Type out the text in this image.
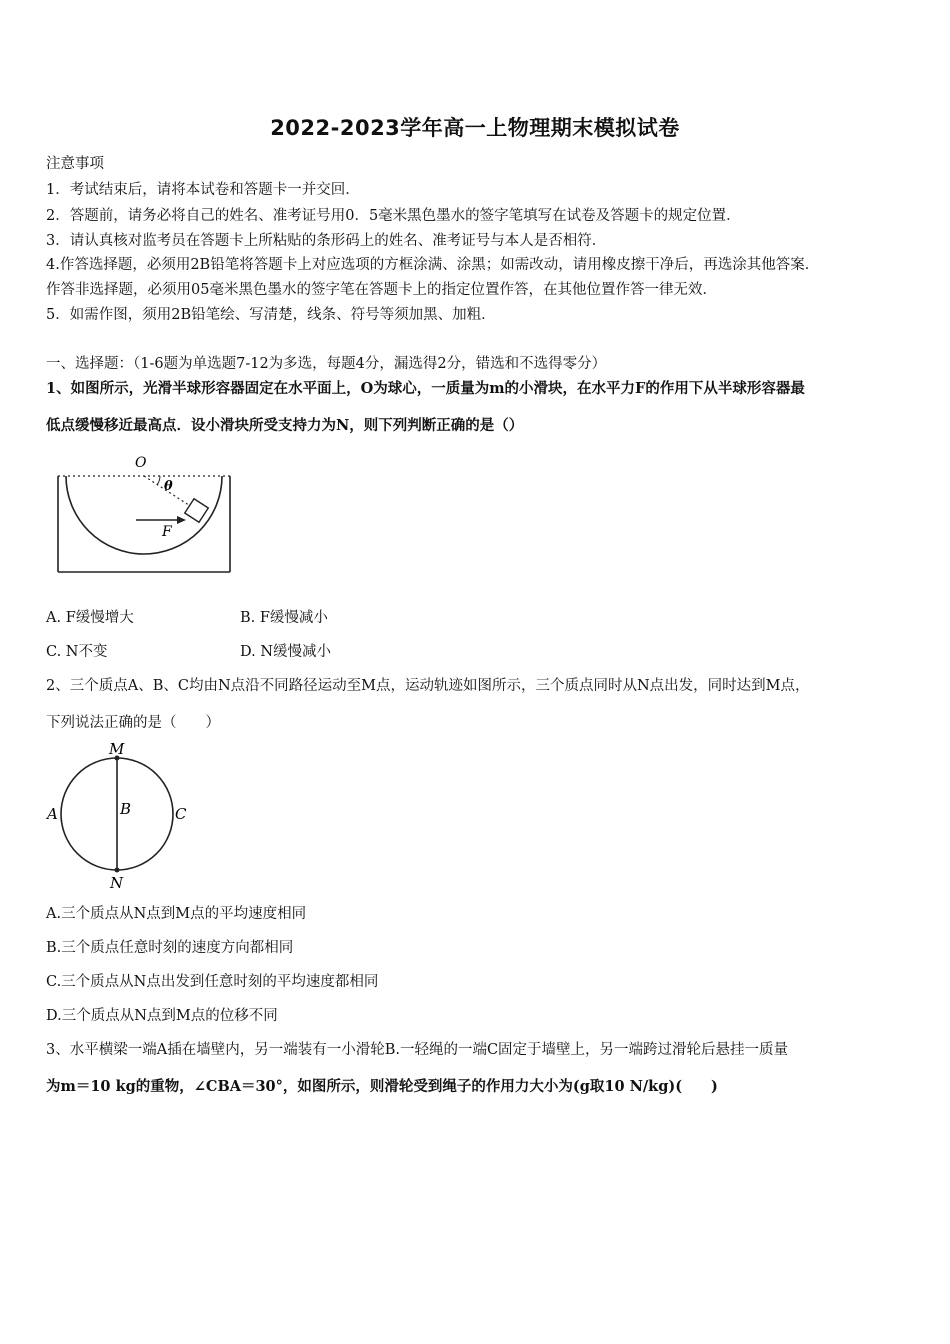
2022-2023学年高一上物理期末模拟试卷
注意事项
1．考试结束后，请将本试卷和答题卡一并交回．
2．答题前，请务必将自己的姓名、准考证号用0．5毫米黑色墨水的签字笔填写在试卷及答题卡的规定位置．
3．请认真核对监考员在答题卡上所粘贴的条形码上的姓名、准考证号与本人是否相符．
4.作答选择题，必须用2B铅笔将答题卡上对应选项的方框涂满、涂黑；如需改动，请用橡皮擦干净后，再选涂其他答案．
作答非选择题，必须用05毫米黑色墨水的签字笔在答题卡上的指定位置作答，在其他位置作答一律无效．
5．如需作图，须用2B铅笔绘、写清楚，线条、符号等须加黑、加粗．
一、选择题：（1-6题为单选题7-12为多选，每题4分，漏选得2分，错选和不选得零分）
1、如图所示，光滑半球形容器固定在水平面上，O为球心，一质量为m的小滑块，在水平力F的作用下从半球形容器最
低点缓慢移近最高点．设小滑块所受支持力为N，则下列判断正确的是（）
O
θ
F
A. F缓慢增大	B. F缓慢减小
C. N不变	D. N缓慢减小
2、三个质点A、B、C均由N点沿不同路径运动至M点，运动轨迹如图所示，三个质点同时从N点出发，同时达到M点，
下列说法正确的是（　　）
M
N
A	B	C
A.三个质点从N点到M点的平均速度相同
B.三个质点任意时刻的速度方向都相同
C.三个质点从N点出发到任意时刻的平均速度都相同
D.三个质点从N点到M点的位移不同
3、水平横梁一端A插在墙壁内，另一端装有一小滑轮B.一轻绳的一端C固定于墙壁上，另一端跨过滑轮后悬挂一质量
为m＝10 kg的重物，∠CBA＝30°，如图所示，则滑轮受到绳子的作用力大小为(g取10 N/kg)(　　)
